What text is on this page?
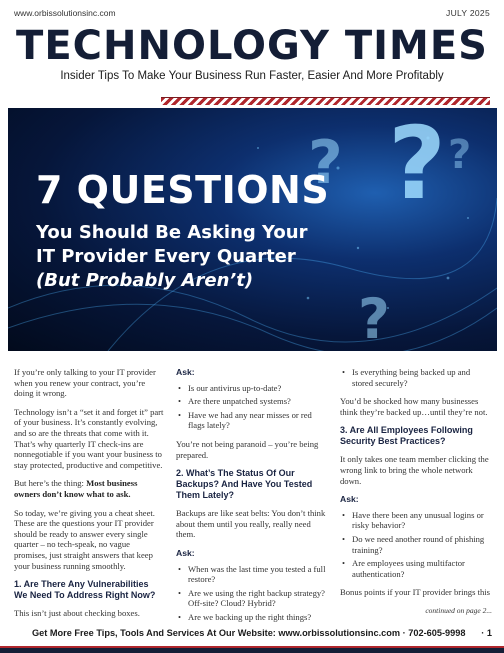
www.orbissolutionsinc.com	JULY 2025
TECHNOLOGY TIMES
Insider Tips To Make Your Business Run Faster, Easier And More Profitably
?
?	?
?
7 QUESTIONS
You Should Be Asking Your
IT Provider Every Quarter
(But Probably Aren’t)

If you’re only talking to your IT provider when you renew your contract, you’re doing it wrong.

Technology isn’t a “set it and forget it” part of your business. It’s constantly evolving, and so are the threats that come with it. That’s why quarterly IT check-ins are nonnegotiable if you want your business to stay protected, productive and competitive.

But here’s the thing: Most business owners don’t know what to ask.

So today, we’re giving you a cheat sheet. These are the questions your IT provider should be ready to answer every single quarter – no tech-speak, no vague promises, just straight answers that keep your business running smoothly.

1. Are There Any Vulnerabilities We Need To Address Right Now?

This isn’t just about checking boxes.

Ask:
• Is our antivirus up-to-date?
• Are there unpatched systems?
• Have we had any near misses or red flags lately?

You’re not being paranoid – you’re being prepared.

2. What’s The Status Of Our Backups? And Have You Tested Them Lately?

Backups are like seat belts: You don’t think about them until you really, really need them.

Ask:
• When was the last time you tested a full restore?
• Are we using the right backup strategy? Off-site? Cloud? Hybrid?
• Are we backing up the right things?
• Is everything being backed up and stored securely?

You’d be shocked how many businesses think they’re backed up…until they’re not.

3. Are All Employees Following Security Best Practices?

It only takes one team member clicking the wrong link to bring the whole network down.

Ask:
• Have there been any unusual logins or risky behavior?
• Do we need another round of phishing training?
• Are employees using multifactor authentication?

Bonus points if your IT provider brings this

continued on page 2...
Get More Free Tips, Tools And Services At Our Website: www.orbissolutionsinc.com · 702-605-9998 · 1
